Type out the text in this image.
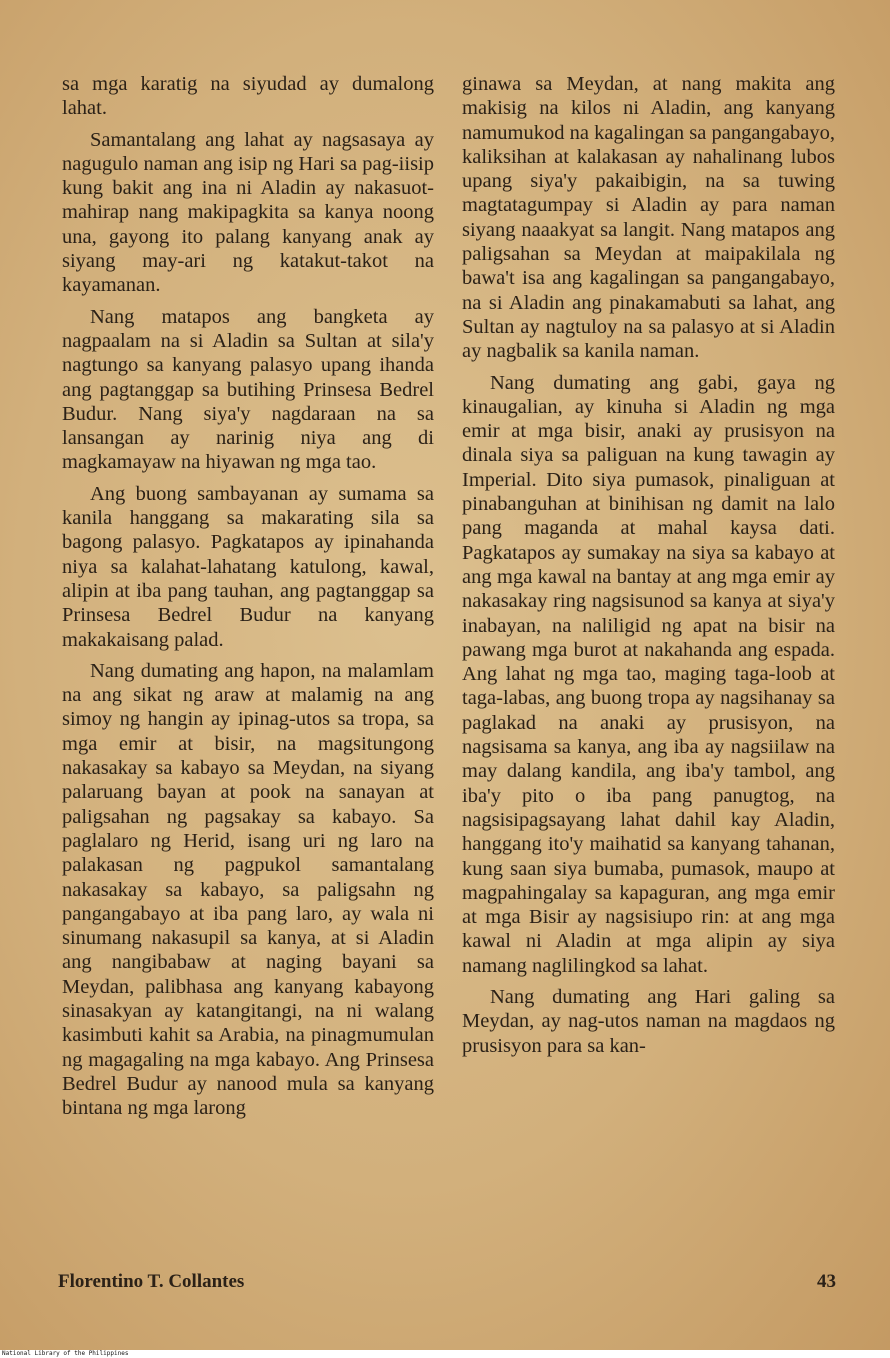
sa mga karatig na siyudad ay dumalong lahat.

Samantalang ang lahat ay nagsasaya ay nagugulo naman ang isip ng Hari sa pag-iisip kung bakit ang ina ni Aladin ay nakasuot-mahirap nang makipagkita sa kanya noong una, gayong ito palang kanyang anak ay siyang may-ari ng katakut-takot na kayamanan.

Nang matapos ang bangketa ay nagpaalam na si Aladin sa Sultan at sila'y nagtungo sa kanyang palasyo upang ihanda ang pagtanggap sa butihing Prinsesa Bedrel Budur. Nang siya'y nagdaraan na sa lansangan ay narinig niya ang di magkamayaw na hiyawan ng mga tao.

Ang buong sambayanan ay sumama sa kanila hanggang sa makarating sila sa bagong palasyo. Pagkatapos ay ipinahanda niya sa kalahat-lahatang katulong, kawal, alipin at iba pang tauhan, ang pagtanggap sa Prinsesa Bedrel Budur na kanyang makakaisang palad.

Nang dumating ang hapon, na malamlam na ang sikat ng araw at malamig na ang simoy ng hangin ay ipinag-utos sa tropa, sa mga emir at bisir, na magsitungong nakasakay sa kabayo sa Meydan, na siyang palaruang bayan at pook na sanayan at paligsahan ng pagsakay sa kabayo. Sa paglalaro ng Herid, isang uri ng laro na palakasan ng pagpukol samantalang nakasakay sa kabayo, sa paligsahn ng pangangabayo at iba pang laro, ay wala ni sinumang nakasupil sa kanya, at si Aladin ang nangibabaw at naging bayani sa Meydan, palibhasa ang kanyang kabayong sinasakyan ay katangitangi, na ni walang kasimbuti kahit sa Arabia, na pinagmumulan ng magagaling na mga kabayo. Ang Prinsesa Bedrel Budur ay nanood mula sa kanyang bintana ng mga larong

ginawa sa Meydan, at nang makita ang makisig na kilos ni Aladin, ang kanyang namumukod na kagalingan sa pangangabayo, kaliksihan at kalakasan ay nahalinang lubos upang siya'y pakaibigin, na sa tuwing magtatagumpay si Aladin ay para naman siyang naaakyat sa langit. Nang matapos ang paligsahan sa Meydan at maipakilala ng bawa't isa ang kagalingan sa pangangabayo, na si Aladin ang pinakamabuti sa lahat, ang Sultan ay nagtuloy na sa palasyo at si Aladin ay nagbalik sa kanila naman.

Nang dumating ang gabi, gaya ng kinaugalian, ay kinuha si Aladin ng mga emir at mga bisir, anaki ay prusisyon na dinala siya sa paliguan na kung tawagin ay Imperial. Dito siya pumasok, pinaliguan at pinabanguhan at binihisan ng damit na lalo pang maganda at mahal kaysa dati. Pagkatapos ay sumakay na siya sa kabayo at ang mga kawal na bantay at ang mga emir ay nakasakay ring nagsisunod sa kanya at siya'y inabayan, na naliligid ng apat na bisir na pawang mga burot at nakahanda ang espada. Ang lahat ng mga tao, maging taga-loob at taga-labas, ang buong tropa ay nagsihanay sa paglakad na anaki ay prusisyon, na nagsisama sa kanya, ang iba ay nagsiilaw na may dalang kandila, ang iba'y tambol, ang iba'y pito o iba pang panugtog, na nagsisipagsayang lahat dahil kay Aladin, hanggang ito'y maihatid sa kanyang tahanan, kung saan siya bumaba, pumasok, maupo at magpahingalay sa kapaguran, ang mga emir at mga Bisir ay nagsisiupo rin: at ang mga kawal ni Aladin at mga alipin ay siya namang naglilingkod sa lahat.

Nang dumating ang Hari galing sa Meydan, ay nag-utos naman na magdaos ng prusisyon para sa kan-

Florentino T. Collantes	43
National Library of the Philippines
